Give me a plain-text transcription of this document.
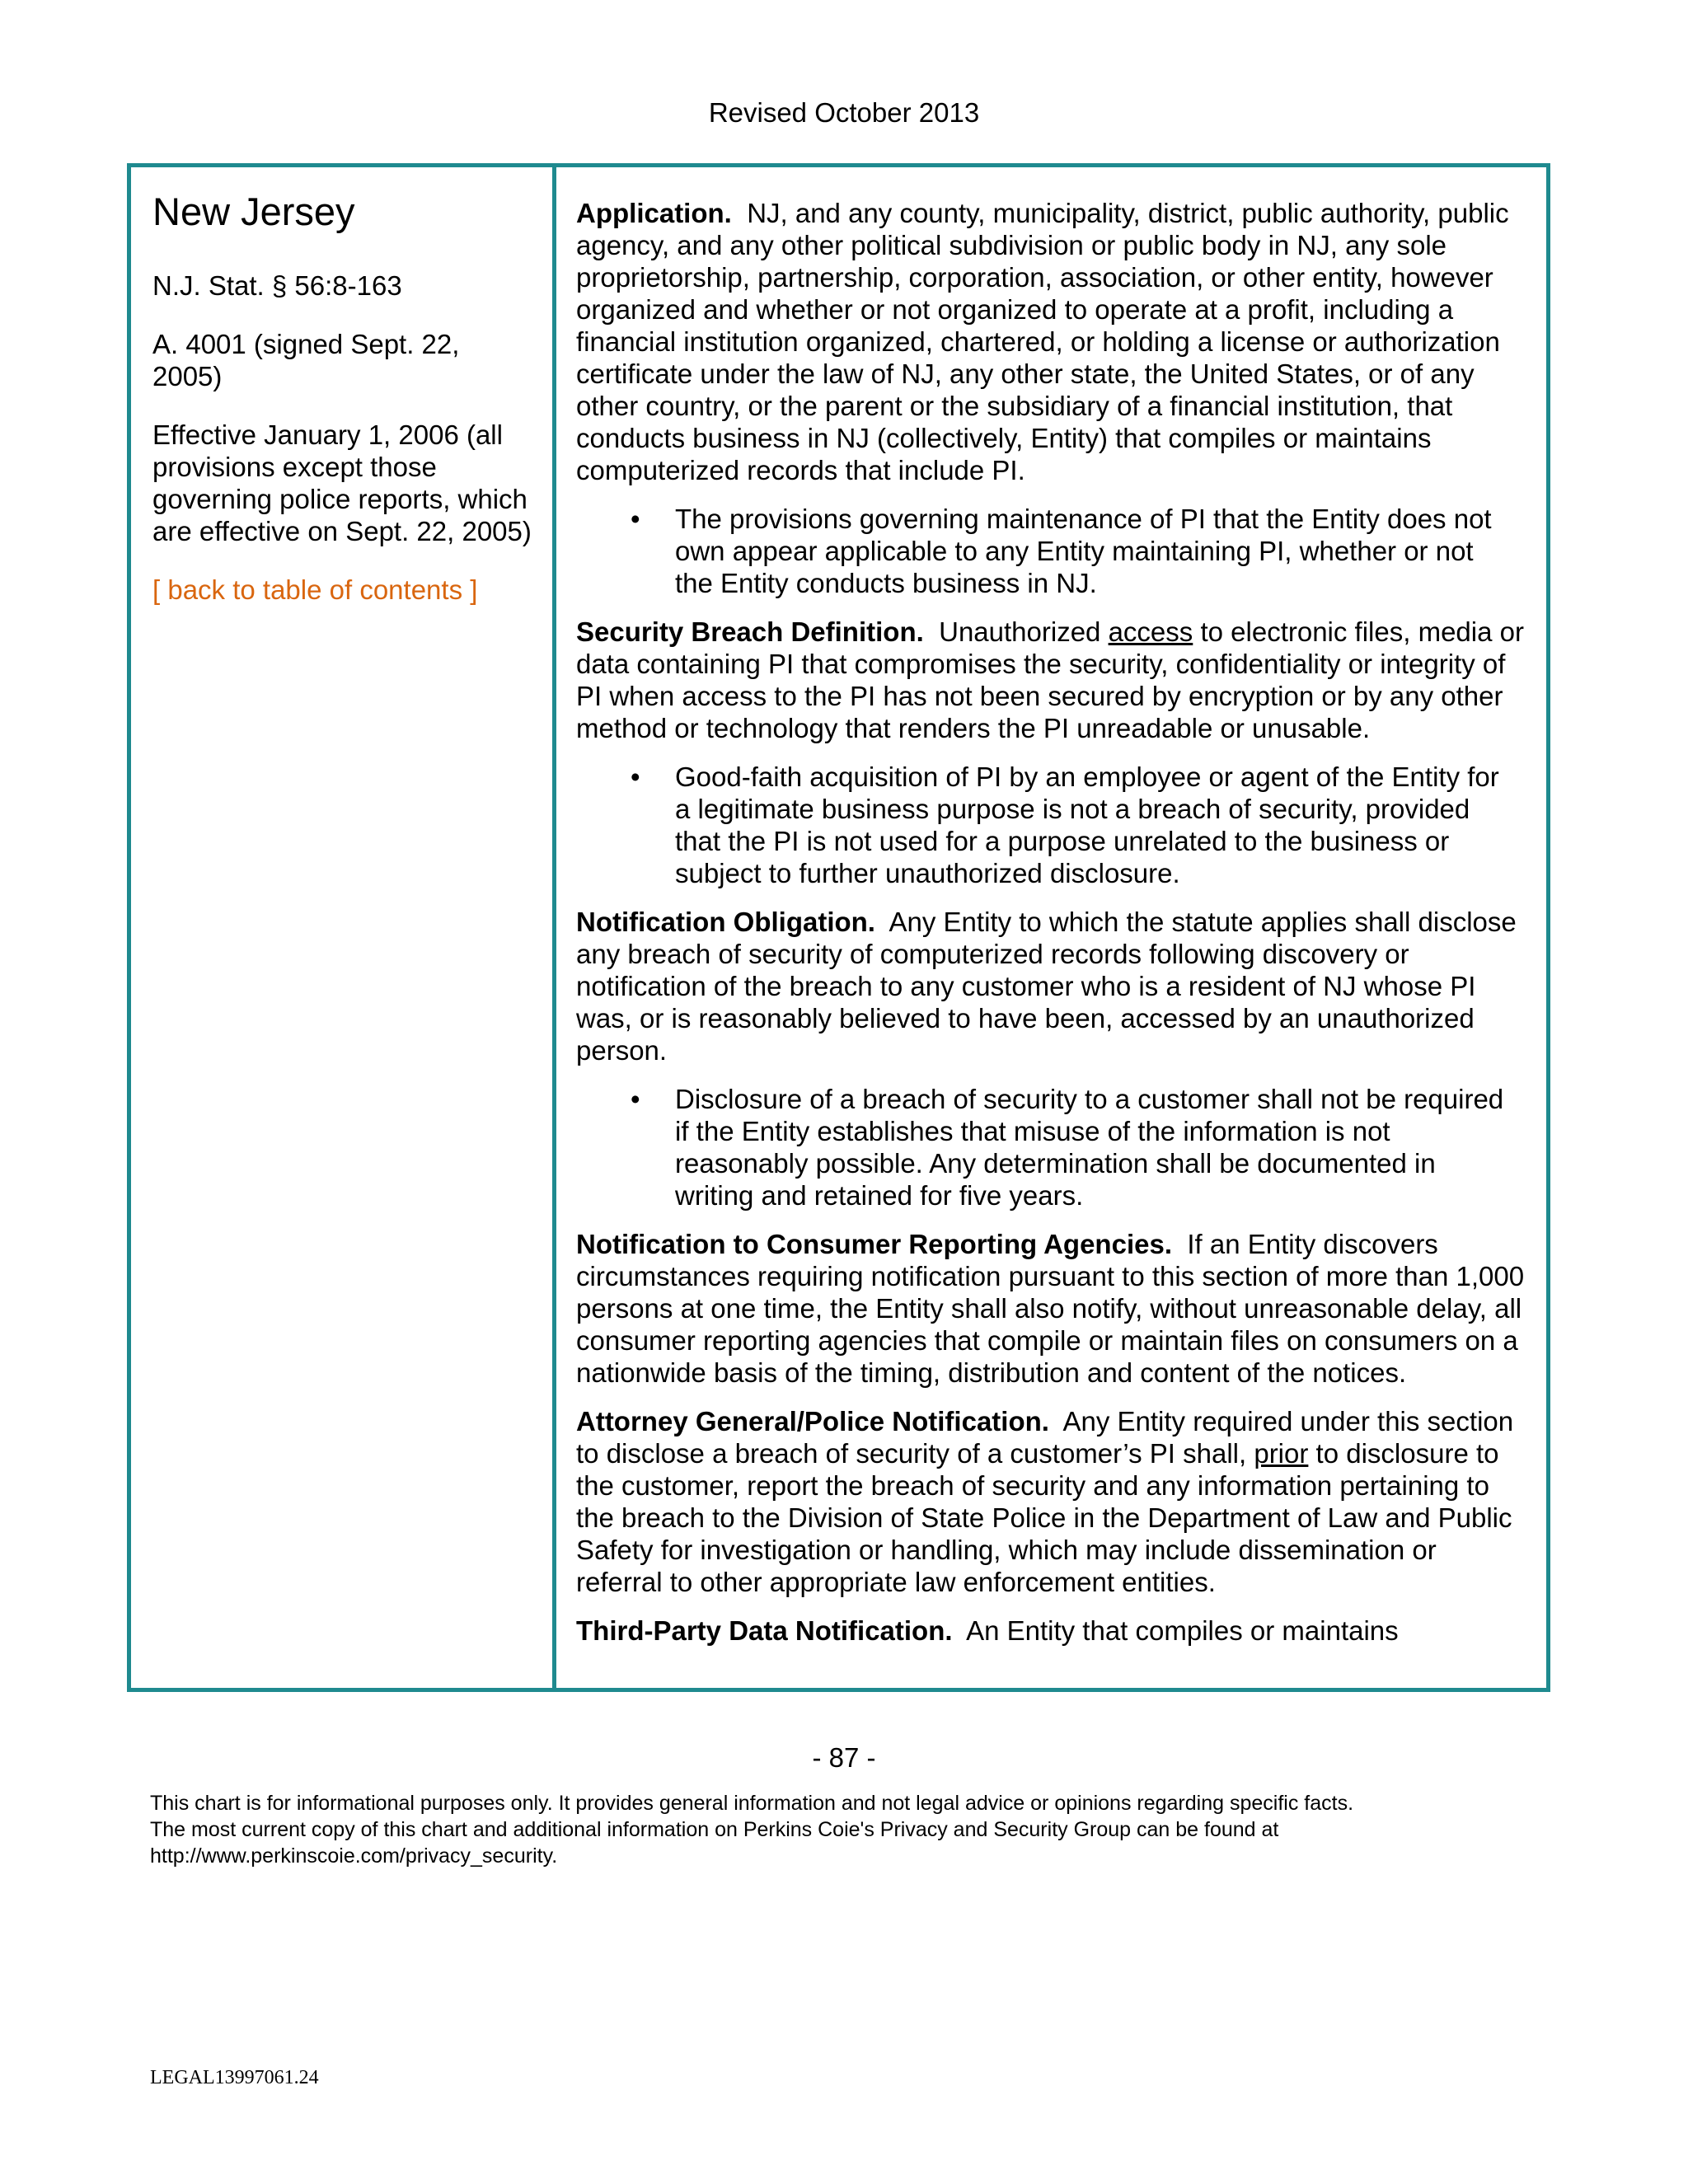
Revised October 2013
New Jersey
N.J. Stat. § 56:8-163
A. 4001 (signed Sept. 22, 2005)
Effective January 1, 2006 (all provisions except those governing police reports, which are effective on Sept. 22, 2005)
[ back to table of contents ]

Application. NJ, and any county, municipality, district, public authority, public agency, and any other political subdivision or public body in NJ, any sole proprietorship, partnership, corporation, association, or other entity, however organized and whether or not organized to operate at a profit, including a financial institution organized, chartered, or holding a license or authorization certificate under the law of NJ, any other state, the United States, or of any other country, or the parent or the subsidiary of a financial institution, that conducts business in NJ (collectively, Entity) that compiles or maintains computerized records that include PI.

•	The provisions governing maintenance of PI that the Entity does not own appear applicable to any Entity maintaining PI, whether or not the Entity conducts business in NJ.

Security Breach Definition. Unauthorized access to electronic files, media or data containing PI that compromises the security, confidentiality or integrity of PI when access to the PI has not been secured by encryption or by any other method or technology that renders the PI unreadable or unusable.

•	Good-faith acquisition of PI by an employee or agent of the Entity for a legitimate business purpose is not a breach of security, provided that the PI is not used for a purpose unrelated to the business or subject to further unauthorized disclosure.

Notification Obligation. Any Entity to which the statute applies shall disclose any breach of security of computerized records following discovery or notification of the breach to any customer who is a resident of NJ whose PI was, or is reasonably believed to have been, accessed by an unauthorized person.

•	Disclosure of a breach of security to a customer shall not be required if the Entity establishes that misuse of the information is not reasonably possible. Any determination shall be documented in writing and retained for five years.

Notification to Consumer Reporting Agencies. If an Entity discovers circumstances requiring notification pursuant to this section of more than 1,000 persons at one time, the Entity shall also notify, without unreasonable delay, all consumer reporting agencies that compile or maintain files on consumers on a nationwide basis of the timing, distribution and content of the notices.

Attorney General/Police Notification. Any Entity required under this section to disclose a breach of security of a customer’s PI shall, prior to disclosure to the customer, report the breach of security and any information pertaining to the breach to the Division of State Police in the Department of Law and Public Safety for investigation or handling, which may include dissemination or referral to other appropriate law enforcement entities.

Third-Party Data Notification. An Entity that compiles or maintains

- 87 -
This chart is for informational purposes only. It provides general information and not legal advice or opinions regarding specific facts.
The most current copy of this chart and additional information on Perkins Coie's Privacy and Security Group can be found at
http://www.perkinscoie.com/privacy_security.
LEGAL13997061.24
